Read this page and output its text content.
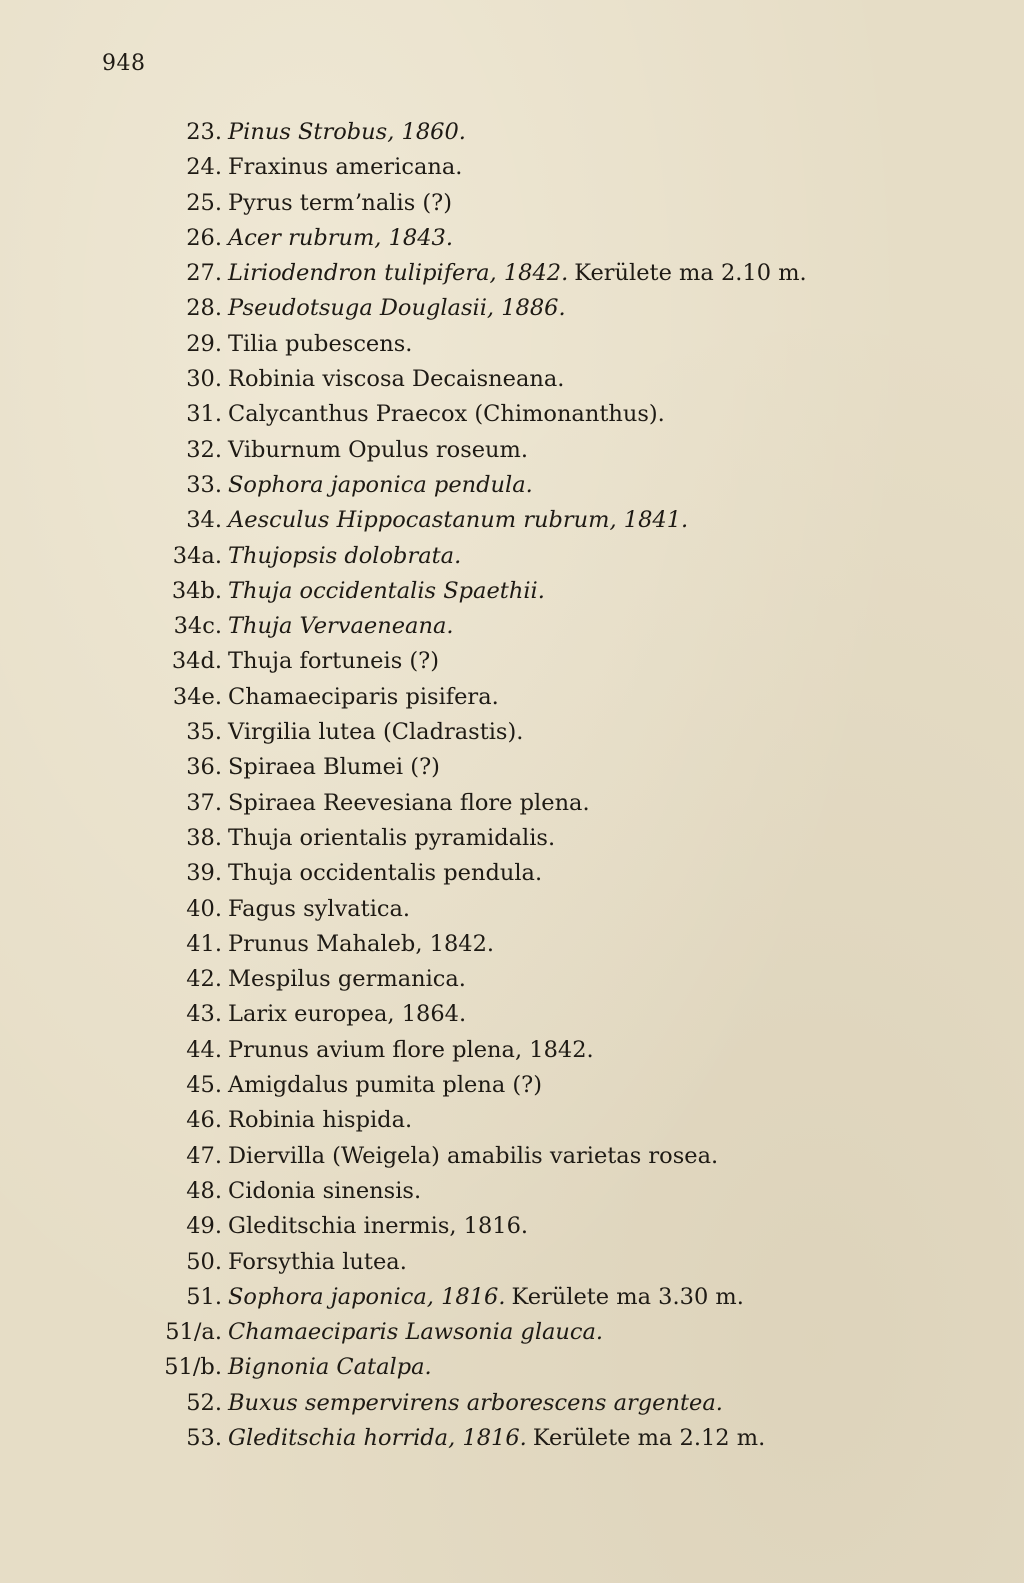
948
23. Pinus Strobus, 1860.
24. Fraxinus americana.
25. Pyrus termʼnalis (?)
26. Acer rubrum, 1843.
27. Liriodendron tulipifera, 1842. Kerülete ma 2.10 m.
28. Pseudotsuga Douglasii, 1886.
29. Tilia pubescens.
30. Robinia viscosa Decaisneana.
31. Calycanthus Praecox (Chimonanthus).
32. Viburnum Opulus roseum.
33. Sophora japonica pendula.
34. Aesculus Hippocastanum rubrum, 1841.
34a. Thujopsis dolobrata.
34b. Thuja occidentalis Spaethii.
34c. Thuja Vervaeneana.
34d. Thuja fortuneis (?)
34e. Chamaeciparis pisifera.
35. Virgilia lutea (Cladrastis).
36. Spiraea Blumei (?)
37. Spiraea Reevesiana flore plena.
38. Thuja orientalis pyramidalis.
39. Thuja occidentalis pendula.
40. Fagus sylvatica.
41. Prunus Mahaleb, 1842.
42. Mespilus germanica.
43. Larix europea, 1864.
44. Prunus avium flore plena, 1842.
45. Amigdalus pumita plena (?)
46. Robinia hispida.
47. Diervilla (Weigela) amabilis varietas rosea.
48. Cidonia sinensis.
49. Gleditschia inermis, 1816.
50. Forsythia lutea.
51. Sophora japonica, 1816. Kerülete ma 3.30 m.
51/a. Chamaeciparis Lawsonia glauca.
51/b. Bignonia Catalpa.
52. Buxus sempervirens arborescens argentea.
53. Gleditschia horrida, 1816. Kerülete ma 2.12 m.
